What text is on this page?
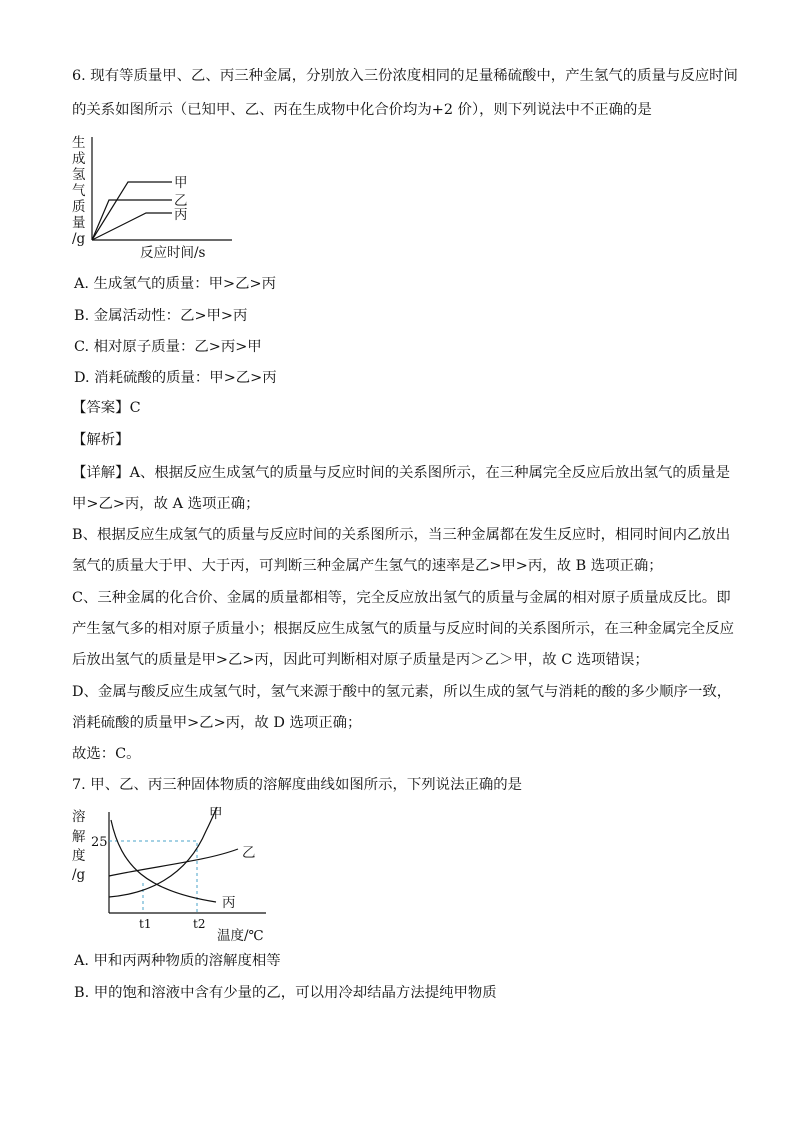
6. 现有等质量甲、乙、丙三种金属，分别放入三份浓度相同的足量稀硫酸中，产生氢气的质量与反应时间
的关系如图所示（已知甲、乙、丙在生成物中化合价均为+2 价），则下列说法中不正确的是
生
成
氢
气
质
量
/g
甲
乙
丙
反应时间/s
A. 生成氢气的质量：甲>乙>丙
B. 金属活动性：乙>甲>丙
C. 相对原子质量：乙>丙>甲
D. 消耗硫酸的质量：甲>乙>丙
【答案】C
【解析】
【详解】A、根据反应生成氢气的质量与反应时间的关系图所示，在三种属完全反应后放出氢气的质量是
甲>乙>丙，故 A 选项正确；
B、根据反应生成氢气的质量与反应时间的关系图所示，当三种金属都在发生反应时，相同时间内乙放出
氢气的质量大于甲、大于丙，可判断三种金属产生氢气的速率是乙>甲>丙，故 B 选项正确；
C、三种金属的化合价、金属的质量都相等，完全反应放出氢气的质量与金属的相对原子质量成反比。即
产生氢气多的相对原子质量小；根据反应生成氢气的质量与反应时间的关系图所示，在三种金属完全反应
后放出氢气的质量是甲>乙>丙，因此可判断相对原子质量是丙＞乙＞甲，故 C 选项错误；
D、金属与酸反应生成氢气时，氢气来源于酸中的氢元素，所以生成的氢气与消耗的酸的多少顺序一致，
消耗硫酸的质量甲>乙>丙，故 D 选项正确；
故选：C。
7. 甲、乙、丙三种固体物质的溶解度曲线如图所示，下列说法正确的是
溶
解
度
/g
25
甲
乙
丙
t1	t2
温度/℃
A. 甲和丙两种物质的溶解度相等
B. 甲的饱和溶液中含有少量的乙，可以用冷却结晶方法提纯甲物质
